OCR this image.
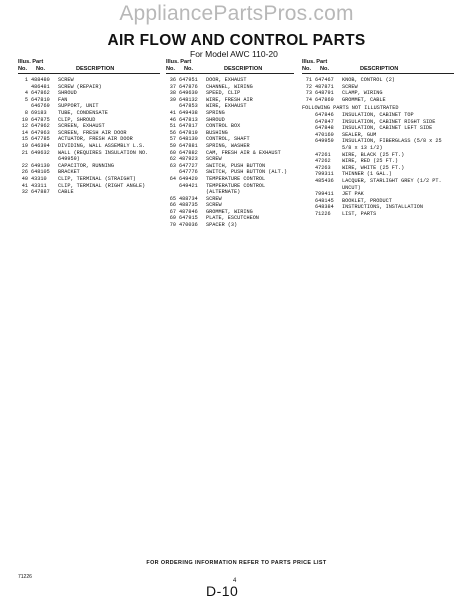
AppliancePartsPros.com
AIR FLOW AND CONTROL PARTS
For Model AWC 110-20
Illus. Part
No. No.	DESCRIPTION
1 488480 SCREW
486481 SCREW (REPAIR)
4 647862 SHROUD
5 647810 FAN
646769 SUPPORT, UNIT
8 69183 TUBE, CONDENSATE
10 647875 CLIP, SHROUD
12 647962 SCREEN, EXHAUST
14 647963 SCREEN, FRESH AIR DOOR
15 647785 ACTUATOR, FRESH AIR DOOR
19 646394 DIVIDING, WALL ASSEMBLY L.S.
21 649632 WALL (REQUIRES INSULATION NO. 649959)
22 649130 CAPACITOR, RUNNING
26 648105 BRACKET
40 43310 CLIP, TERMINAL (STRAIGHT)
41 43311 CLIP, TERMINAL (RIGHT ANGLE)
32 647887 CABLE
Illus. Part
No. No.	DESCRIPTION
36 647951 DOOR, EXHAUST
37 647876 CHANNEL, WIRING
38 649630 SPEED, CLIP
39 648132 WIRE, FRESH AIR
647853 WIRE, EXHAUST
41 649438 SPRING
46 647813 SHROUD
51 647817 CONTROL BOX
56 647819 BUSHING
57 648130 CONTROL, SHAFT
59 647881 SPRING, WASHER
60 647882 CAM, FRESH AIR & EXHAUST
62 487923 SCREW
63 647727 SWITCH, PUSH BUTTON
647776 SWITCH, PUSH BUTTON (ALT.)
64 649420 TEMPERATURE CONTROL
649421 TEMPERATURE CONTROL (ALTERNATE)
65 488734 SCREW
66 488735 SCREW
67 487846 GROMMET, WIRING
69 647915 PLATE, ESCUTCHEON
70 470036 SPACER (3)
Illus. Part
No. No.	DESCRIPTION
71 647467 KNOB, CONTROL (2)
72 487871 SCREW
73 648791 CLAMP, WIRING
74 647869 GROMMET, CABLE
FOLLOWING PARTS NOT ILLUSTRATED
647846 INSULATION, CABINET TOP
647847 INSULATION, CABINET RIGHT SIDE
647848 INSULATION, CABINET LEFT SIDE
470160 SEALER, GUM
649959 INSULATION, FIBERGLASS (5/8 x 25 5/8 x 13 1/2)
47261 WIRE, BLACK (25 FT.)
47262 WIRE, RED (25 FT.)
47263 WIRE, WHITE (25 FT.)
799311 THINNER (1 GAL.)
485436 LACQUER, STARLIGHT GREY (1/2 PT. UNCUT)
799411 JET PAK
648145 BOOKLET, PRODUCT
648384 INSTRUCTIONS, INSTALLATION
71226 LIST, PARTS
FOR ORDERING INFORMATION REFER TO PARTS PRICE LIST
71226
4
D-10
